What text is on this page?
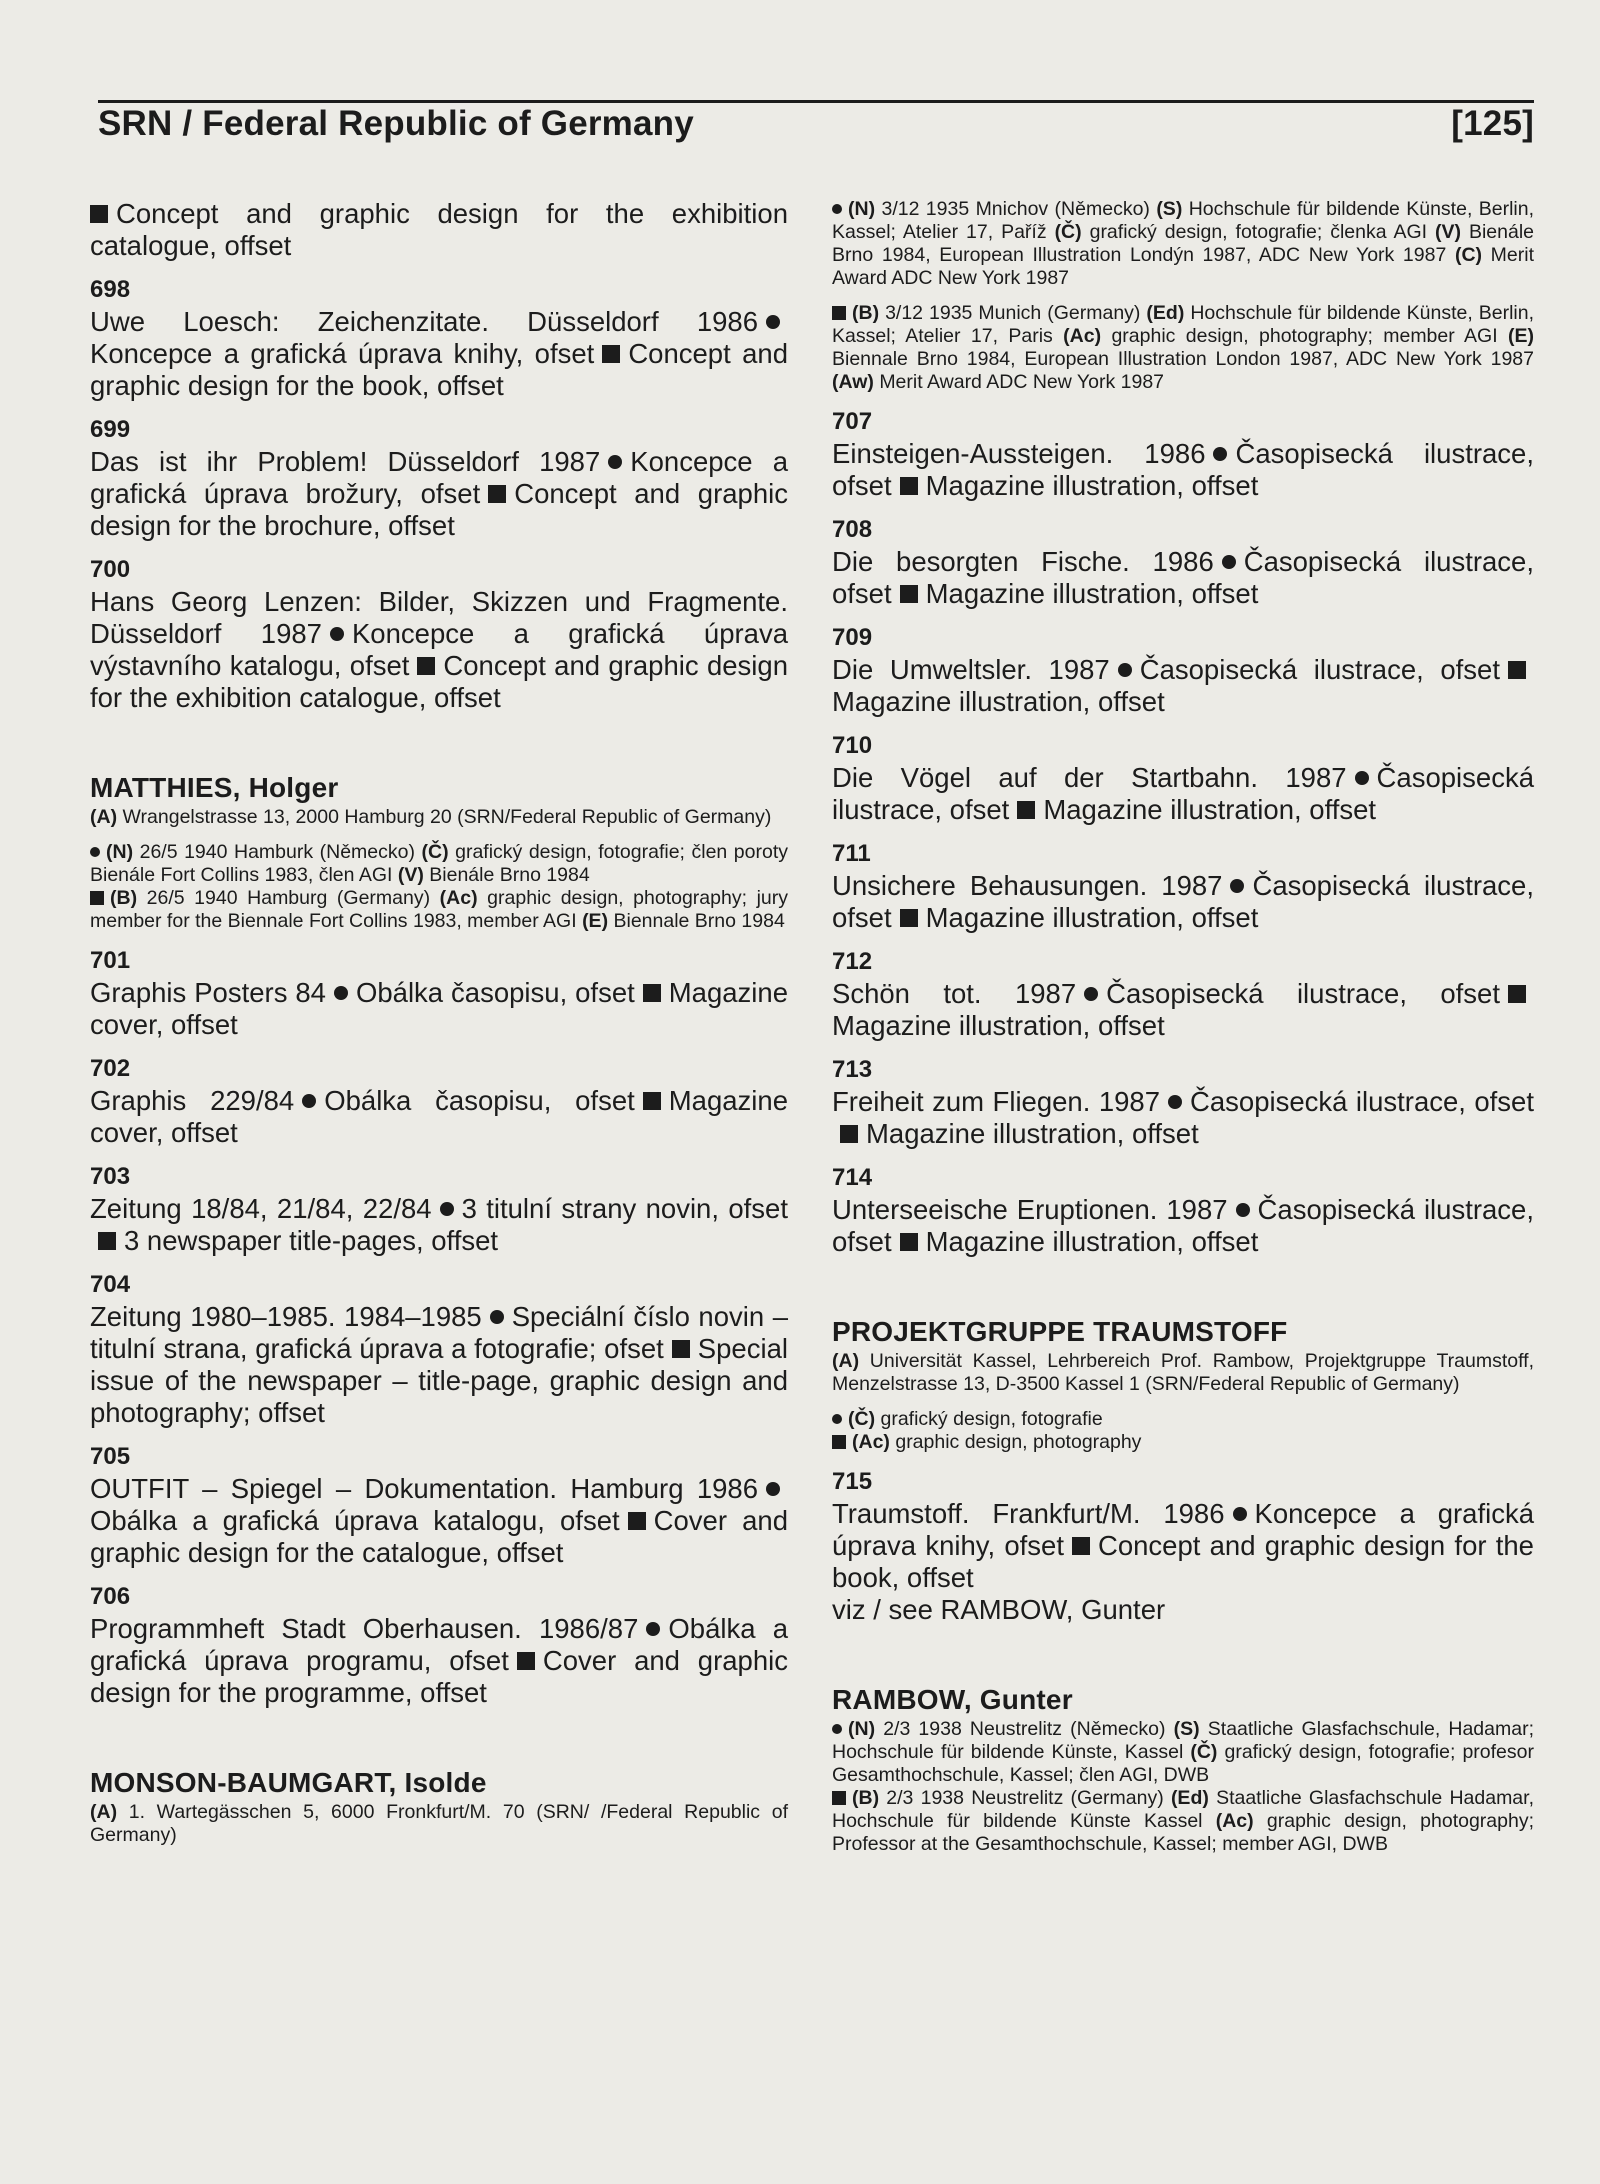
SRN / Federal Republic of Germany	[125]

Concept and graphic design for the exhibition catalogue, offset

698

Uwe Loesch: Zeichenzitate. Düsseldorf 1986Koncepce a grafická úprava knihy, ofset Concept and graphic design for the book, offset

699

Das ist ihr Problem! Düsseldorf 1987 Koncepce a grafická úprava brožury, ofset Concept and graphic design for the brochure, offset

700

Hans Georg Lenzen: Bilder, Skizzen und Fragmente. Düsseldorf 1987 Koncepce a grafická úprava výstavního katalogu, ofset Concept and graphic design for the exhibition catalogue, offset

MATTHIES, Holger

(A) Wrangelstrasse 13, 2000 Hamburg 20 (SRN/Federal Republic of Germany)

(N) 26/5 1940 Hamburk (Německo) (Č) grafický design, fotografie; člen poroty Bienále Fort Collins 1983, člen AGI (V) Bienále Brno 1984

(B) 26/5 1940 Hamburg (Germany) (Ac) graphic design, photography; jury member for the Biennale Fort Collins 1983, member AGI (E) Biennale Brno 1984

701

Graphis Posters 84 Obálka časopisu, ofset Magazine cover, offset

702

Graphis 229/84 Obálka časopisu, ofset Magazine cover, offset

703

Zeitung 18/84, 21/84, 22/84 3 titulní strany novin, ofset3 newspaper title-pages, offset

704

Zeitung 1980–1985. 1984–1985 Speciální číslo novin – titulní strana, grafická úprava a fotografie; ofset Special issue of the newspaper – title-page, graphic design and photography; offset

705

OUTFIT – Spiegel – Dokumentation. Hamburg 1986Obálka a grafická úprava katalogu, ofset Cover and graphic design for the catalogue, offset

706

Programmheft Stadt Oberhausen. 1986/87 Obálka a grafická úprava programu, ofset Cover and graphic design for the programme, offset

MONSON-BAUMGART, Isolde

(A) 1. Wartegässchen 5, 6000 Fronkfurt/M. 70 (SRN/ /Federal Republic of Germany)

(N) 3/12 1935 Mnichov (Německo) (S) Hochschule für bildende Künste, Berlin, Kassel; Atelier 17, Paříž (Č) grafický design, fotografie; členka AGI (V) Bienále Brno 1984, European Illustration Londýn 1987, ADC New York 1987 (C) Merit Award ADC New York 1987

(B) 3/12 1935 Munich (Germany) (Ed) Hochschule für bildende Künste, Berlin, Kassel; Atelier 17, Paris (Ac) graphic design, photography; member AGI (E) Biennale Brno 1984, European Illustration London 1987, ADC New York 1987 (Aw) Merit Award ADC New York 1987

707

Einsteigen-Aussteigen. 1986 Časopisecká ilustrace, ofset Magazine illustration, offset

708

Die besorgten Fische. 1986 Časopisecká ilustrace, ofset Magazine illustration, offset

709

Die Umweltsler. 1987 Časopisecká ilustrace, ofsetMagazine illustration, offset

710

Die Vögel auf der Startbahn. 1987 Časopisecká ilustrace, ofset Magazine illustration, offset

711

Unsichere Behausungen. 1987 Časopisecká ilustrace, ofset Magazine illustration, offset

712

Schön tot. 1987 Časopisecká ilustrace, ofsetMagazine illustration, offset

713

Freiheit zum Fliegen. 1987 Časopisecká ilustrace, ofsetMagazine illustration, offset

714

Unterseeische Eruptionen. 1987 Časopisecká ilustrace, ofset Magazine illustration, offset

PROJEKTGRUPPE TRAUMSTOFF

(A) Universität Kassel, Lehrbereich Prof. Rambow, Projektgruppe Traumstoff, Menzelstrasse 13, D-3500 Kassel 1 (SRN/Federal Republic of Germany)

(Č) grafický design, fotografie

(Ac) graphic design, photography

715

Traumstoff. Frankfurt/M. 1986 Koncepce a grafická úprava knihy, ofset Concept and graphic design for the book, offset
viz / see RAMBOW, Gunter

RAMBOW, Gunter

(N) 2/3 1938 Neustrelitz (Německo) (S) Staatliche Glasfachschule, Hadamar; Hochschule für bildende Künste, Kassel (Č) grafický design, fotografie; profesor Gesamthochschule, Kassel; člen AGI, DWB

(B) 2/3 1938 Neustrelitz (Germany) (Ed) Staatliche Glasfachschule Hadamar, Hochschule für bildende Künste Kassel (Ac) graphic design, photography; Professor at the Gesamthochschule, Kassel; member AGI, DWB
